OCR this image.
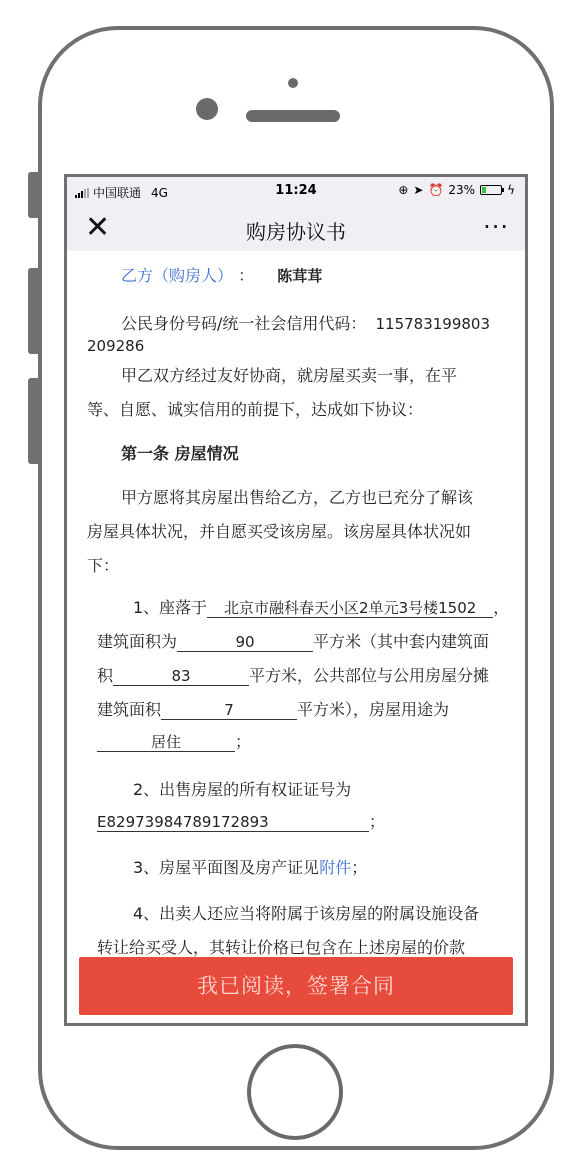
中国联通 4G	11:24	⊕ ➤ ⏰ 23%	ϟ
✕	购房协议书	···
乙方（购房人） ： 陈茸茸
公民身份号码/统一社会信用代码： 115783199803
209286
甲乙双方经过友好协商，就房屋买卖一事，在平
等、自愿、诚实信用的前提下，达成如下协议：
第一条 房屋情况
甲方愿将其房屋出售给乙方，乙方也已充分了解该
房屋具体状况，并自愿买受该房屋。该房屋具体状况如
下：
1、座落于 北京市融科春天小区2单元3号楼1502 ，
建筑面积为	90	平方米（其中套内建筑面
积	83	平方米，公共部位与公用房屋分摊
建筑面积	7	平方米），房屋用途为
居住	；
2、出售房屋的所有权证证号为
E82973984789172893	；
3、房屋平面图及房产证见附件；
4、出卖人还应当将附属于该房屋的附属设施设备
转让给买受人，其转让价格已包含在上述房屋的价款
我已阅读，签署合同
